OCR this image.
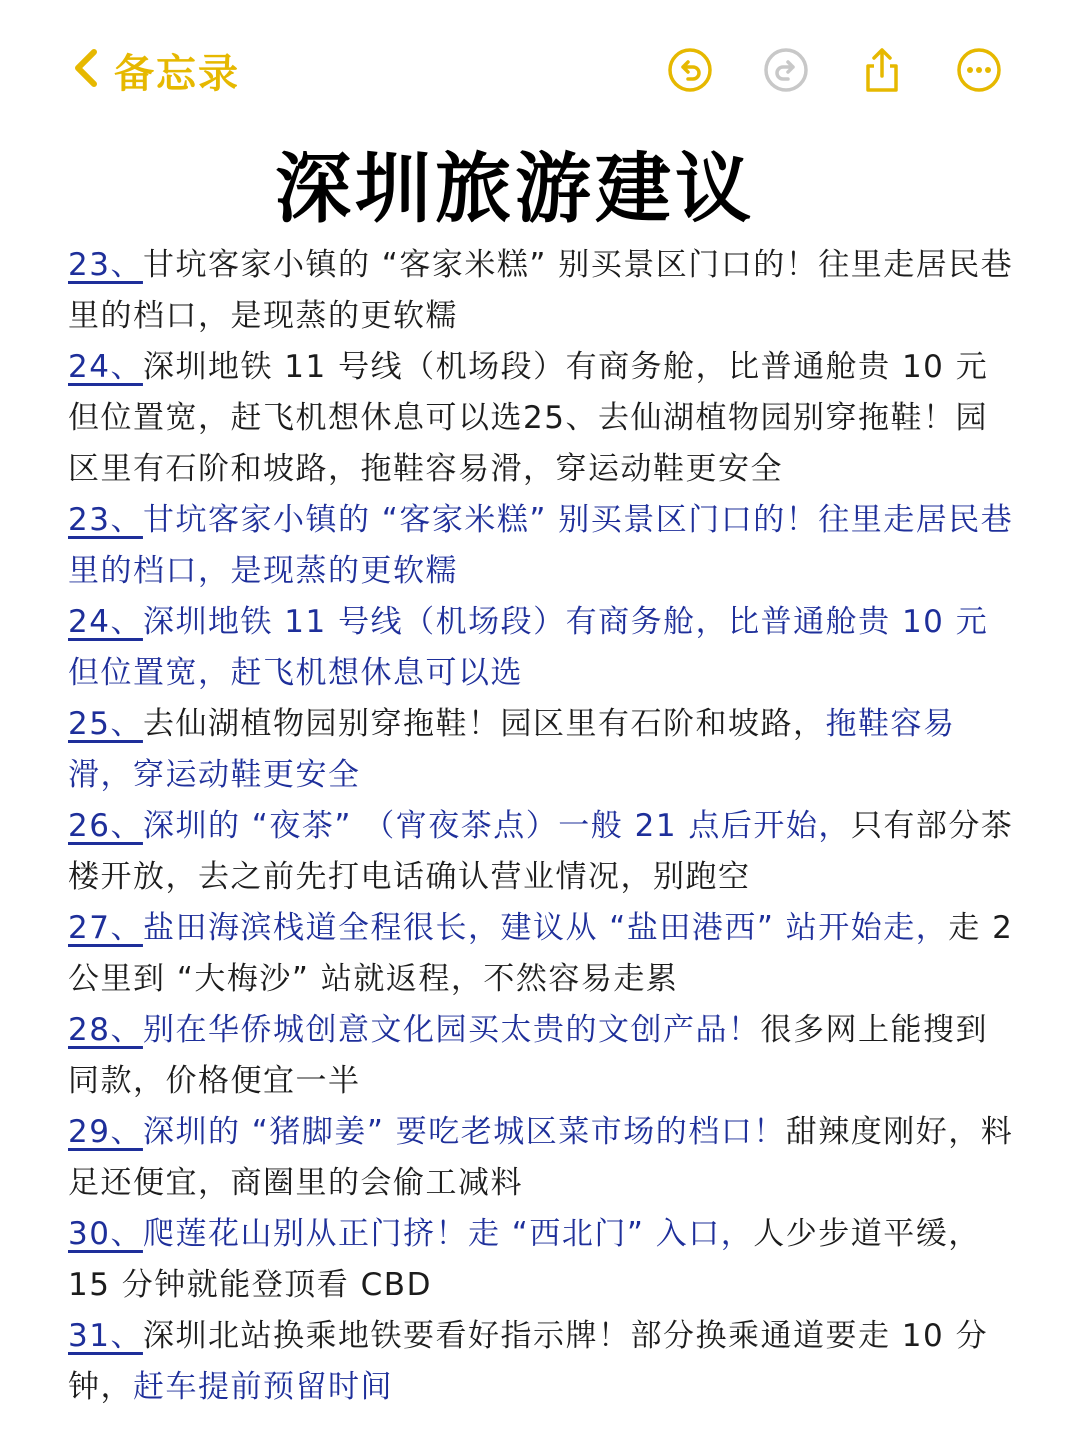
备忘录
深圳旅游建议

23、甘坑客家小镇的 “客家米糕” 别买景区门口的！往里走居民巷里的档口，是现蒸的更软糯

24、深圳地铁 11 号线（机场段）有商务舱，比普通舱贵 10 元但位置宽，赶飞机想休息可以选25、去仙湖植物园别穿拖鞋！园区里有石阶和坡路，拖鞋容易滑，穿运动鞋更安全

23、甘坑客家小镇的 “客家米糕” 别买景区门口的！往里走居民巷里的档口，是现蒸的更软糯

24、深圳地铁 11 号线（机场段）有商务舱，比普通舱贵 10 元但位置宽，赶飞机想休息可以选

25、去仙湖植物园别穿拖鞋！园区里有石阶和坡路，拖鞋容易滑，穿运动鞋更安全

26、深圳的 “夜茶” （宵夜茶点）一般 21 点后开始，只有部分茶楼开放，去之前先打电话确认营业情况，别跑空

27、盐田海滨栈道全程很长，建议从 “盐田港西” 站开始走，走 2 公里到 “大梅沙” 站就返程，不然容易走累

28、别在华侨城创意文化园买太贵的文创产品！很多网上能搜到同款，价格便宜一半

29、深圳的 “猪脚姜” 要吃老城区菜市场的档口！甜辣度刚好，料足还便宜，商圈里的会偷工减料

30、爬莲花山别从正门挤！走 “西北门” 入口，人少步道平缓，15 分钟就能登顶看 CBD

31、深圳北站换乘地铁要看好指示牌！部分换乘通道要走 10 分钟，赶车提前预留时间
